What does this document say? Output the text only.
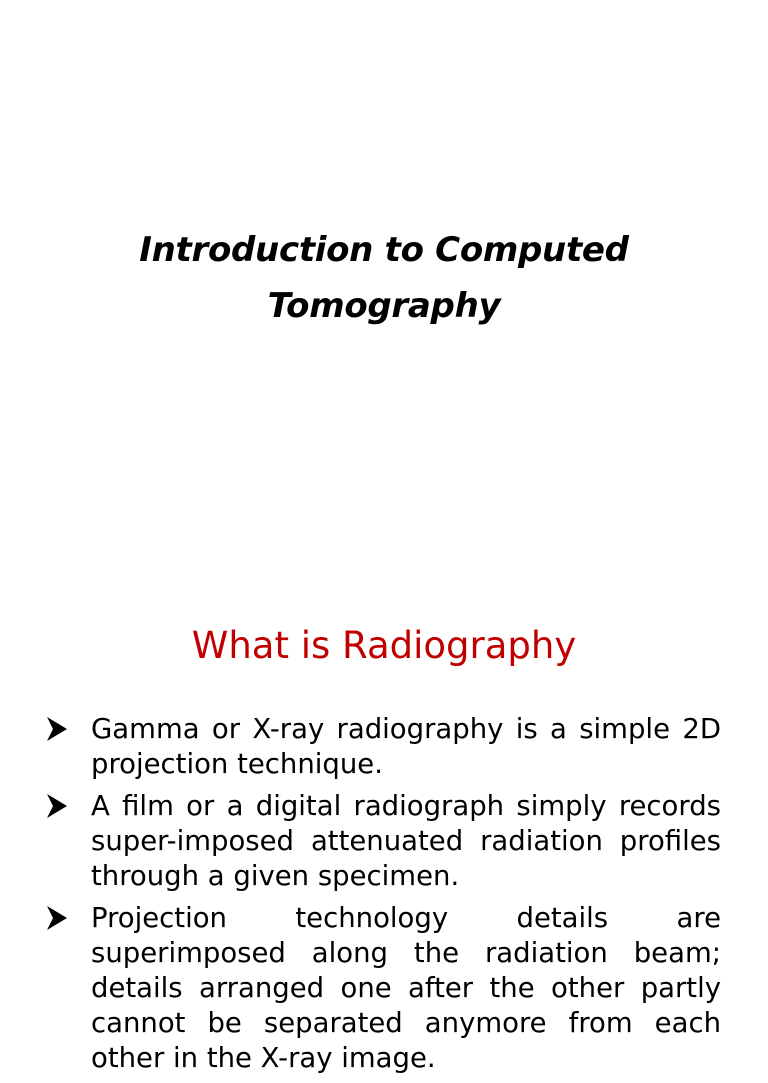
Introduction to Computed
Tomography
What is Radiography
Gamma or X-ray radiography is a simple 2D projection technique.
A film or a digital radiograph simply records super-imposed attenuated radiation profiles through a given specimen.
Projection technology details are superimposed along the radiation beam; details arranged one after the other partly cannot be separated anymore from each other in the X-ray image.
